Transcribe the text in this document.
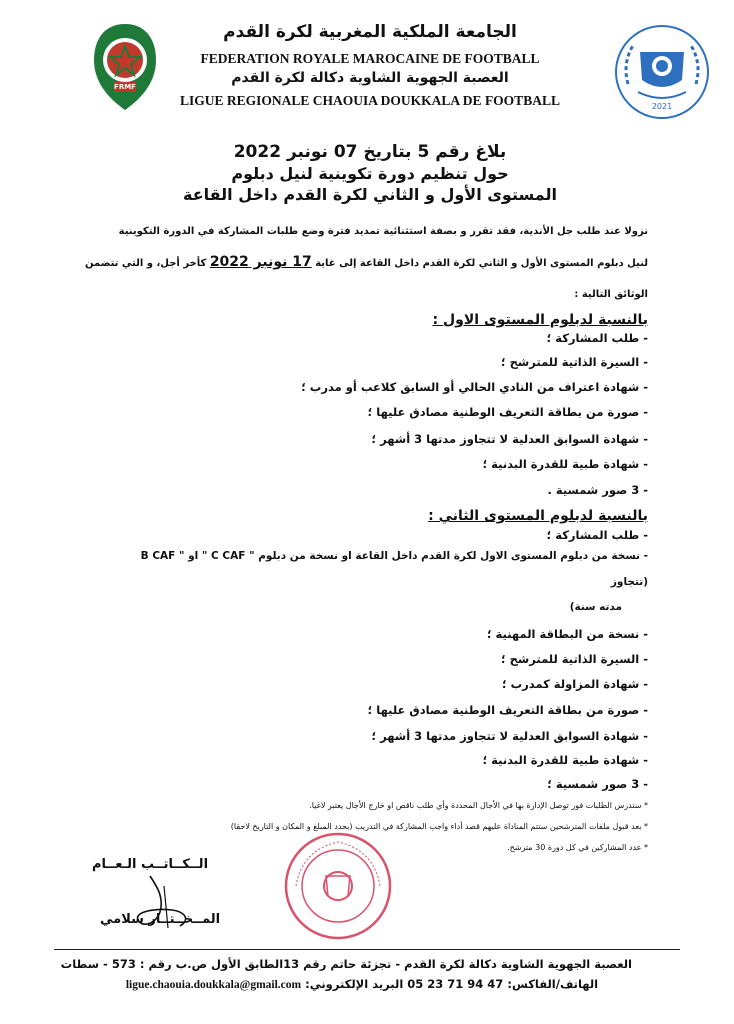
FRMF
2021
الجامعة الملكية المغربية لكرة القدم
FEDERATION ROYALE MAROCAINE DE FOOTBALL
العصبة الجهوية الشاوية دكالة لكرة القدم
LIGUE REGIONALE CHAOUIA DOUKKALA DE FOOTBALL
بلاغ رقم 5 بتاريخ 07 نونبر 2022
حول تنظيم دورة تكوينية لنيل دبلوم
المستوى الأول و الثاني لكرة القدم داخل القاعة
نزولا عند طلب جل الأندية، فقد تقرر و بصفة استثنائية تمديد فترة وضع طلبات المشاركة في الدورة التكوينية
لنيل دبلوم المستوى الأول و الثاني لكرة القدم داخل القاعة إلى غاية 17 نونبر 2022 كأخر أجل، و التي تتضمن
الوثائق التالية :
بالنسبة لدبلوم المستوى الاول :
- طلب المشاركة ؛
- السيرة الذاتية للمترشح ؛
- شهادة اعتراف من النادي الحالي أو السابق كلاعب أو مدرب ؛
- صورة من بطاقة التعريف الوطنية مصادق عليها ؛
- شهادة السوابق العدلية لا تتجاوز مدتها 3 أشهر ؛
- شهادة طبية للقدرة البدنية ؛
- 3 صور شمسية .
بالنسبة لدبلوم المستوى الثاني :
- طلب المشاركة ؛
- نسخة من دبلوم المستوى الاول لكرة القدم داخل القاعة او نسخة من دبلوم " C CAF " او " B CAF
(تتجاوز
مدته سنة)
- نسخة من البطاقة المهنية ؛
- السيرة الذاتية للمترشح ؛
- شهادة المزاولة كمدرب ؛
- صورة من بطاقة التعريف الوطنية مصادق عليها ؛
- شهادة السوابق العدلية لا تتجاوز مدتها 3 أشهر ؛
- شهادة طبية للقدرة البدنية ؛
- 3 صور شمسية ؛
* ستدرس الطلبات فور توصل الإدارة بها في الأجال المحددة وأي طلب ناقص او خارج الأجال يعتبر لاغيا.
* بعد قبول ملفات المترشحين ستتم المناداة عليهم قصد أداء واجب المشاركة في التدريب (بحدد المبلغ و المكان و التاريخ لاحقا)
* عدد المشاركين في كل دورة 30 مترشح.
الــكــاتــب الـعــام
المــخــتــار سلامي
العصبة الجهوية الشاوية دكالة لكرة القدم - تجزئة حاتم رقم 13الطابق الأول ص.ب رقم : 573 - سطات
الهاتف/الفاكس: 05 23 71 94 47 البريد الإلكتروني: ligue.chaouia.doukkala@gmail.com
